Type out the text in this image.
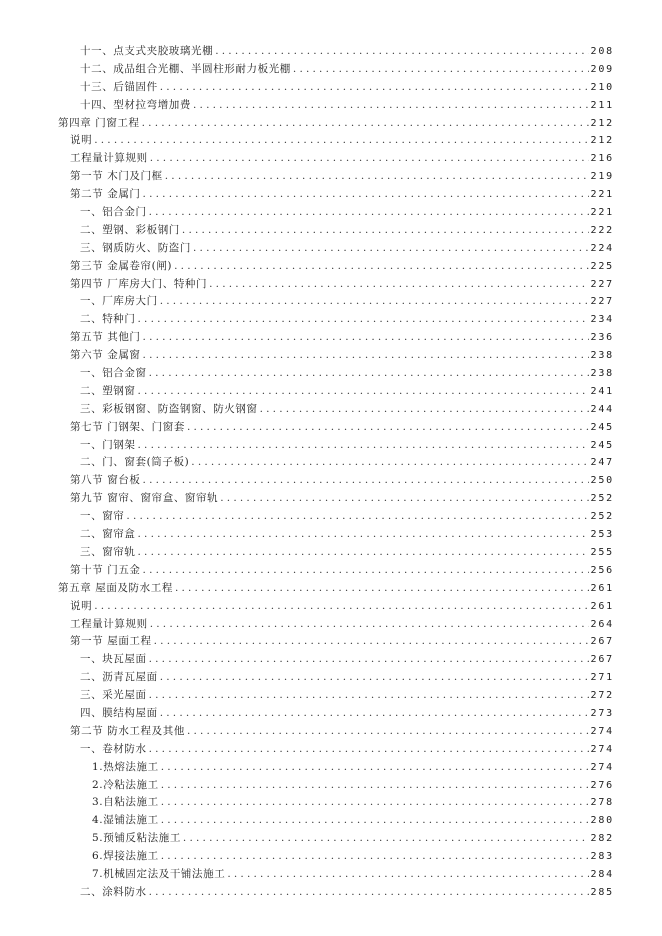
十一、点支式夹胶玻璃光棚 .....	208
十二、成品组合光棚、半圆柱形耐力板光棚 .....	209
十三、后锚固件 .....	210
十四、型材拉弯增加费 .....	211
第四章 门窗工程 .....	212
说明 .....	212
工程量计算规则 .....	216
第一节 木门及门框 .....	219
第二节 金属门 .....	221
一、铝合金门 .....	221
二、塑钢、彩板钢门 .....	222
三、钢质防火、防盗门 .....	224
第三节 金属卷帘(闸) .....	225
第四节 厂库房大门、特种门 .....	227
一、厂库房大门 .....	227
二、特种门 .....	234
第五节 其他门 .....	236
第六节 金属窗 .....	238
一、铝合金窗 .....	238
二、塑钢窗 .....	241
三、彩板钢窗、防盗钢窗、防火钢窗 .....	244
第七节 门钢架、门窗套 .....	245
一、门钢架 .....	245
二、门、窗套(筒子板) .....	247
第八节 窗台板 .....	250
第九节 窗帘、窗帘盒、窗帘轨 .....	252
一、窗帘 .....	252
二、窗帘盒 .....	253
三、窗帘轨 .....	255
第十节 门五金 .....	256
第五章 屋面及防水工程 .....	261
说明 .....	261
工程量计算规则 .....	264
第一节 屋面工程 .....	267
一、块瓦屋面 .....	267
二、沥青瓦屋面 .....	271
三、采光屋面 .....	272
四、膜结构屋面 .....	273
第二节 防水工程及其他 .....	274
一、卷材防水 .....	274
1.热熔法施工 .....	274
2.冷粘法施工 .....	276
3.自粘法施工 .....	278
4.湿铺法施工 .....	280
5.预铺反粘法施工 .....	282
6.焊接法施工 .....	283
7.机械固定法及干铺法施工 .....	284
二、涂料防水 .....	285
